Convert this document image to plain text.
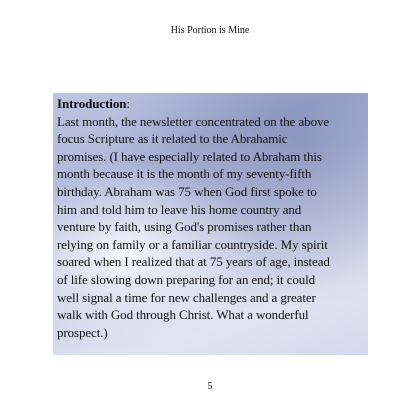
His Portion is Mine
Introduction:
Last month, the newsletter concentrated on the above
focus Scripture as it related to the Abrahamic
promises. (I have especially related to Abraham this
month because it is the month of my seventy-fifth
birthday. Abraham was 75 when God first spoke to
him and told him to leave his home country and
venture by faith, using God's promises rather than
relying on family or a familiar countryside. My spirit
soared when I realized that at 75 years of age, instead
of life slowing down preparing for an end; it could
well signal a time for new challenges and a greater
walk with God through Christ. What a wonderful
prospect.)
5
